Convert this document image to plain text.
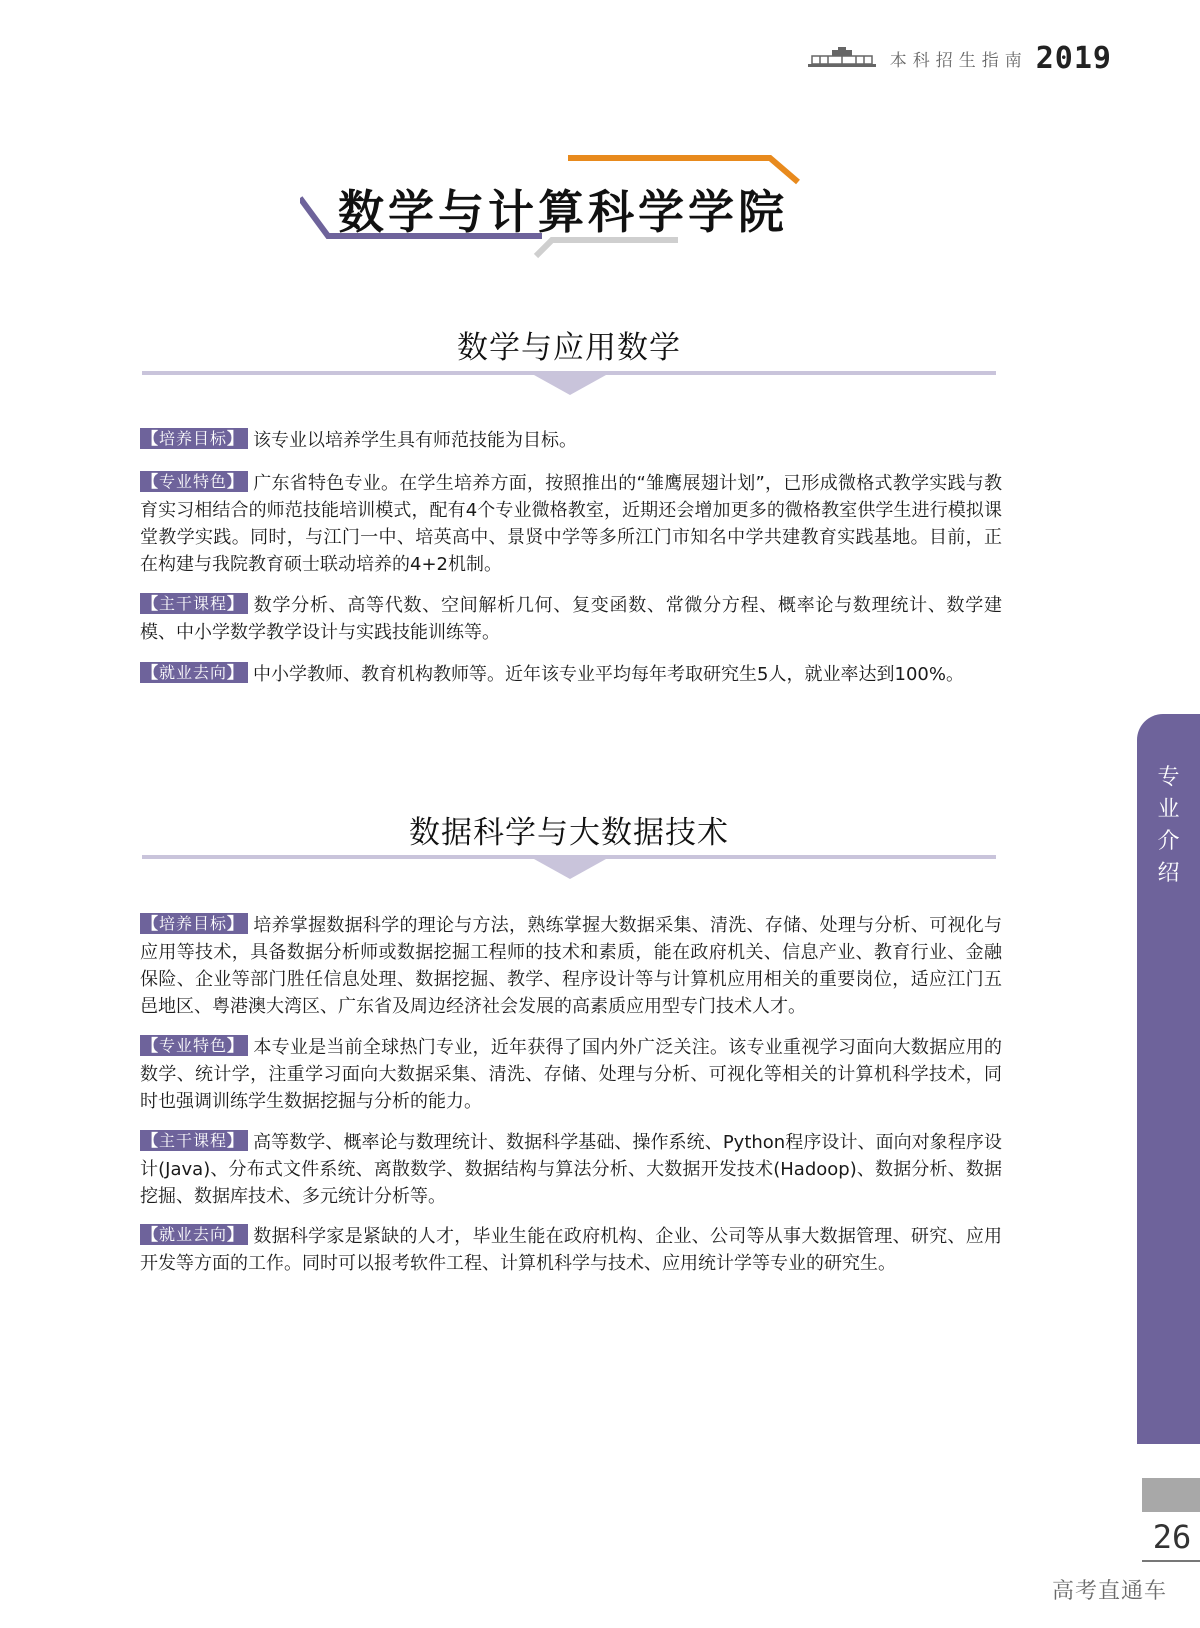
本科招生指南 2019
数学与计算科学学院
数学与应用数学
【培养目标】 该专业以培养学生具有师范技能为目标。
【专业特色】 广东省特色专业。在学生培养方面，按照推出的“雏鹰展翅计划”，已形成微格式教学实践与教育实习相结合的师范技能培训模式，配有4个专业微格教室，近期还会增加更多的微格教室供学生进行模拟课堂教学实践。同时，与江门一中、培英高中、景贤中学等多所江门市知名中学共建教育实践基地。目前，正在构建与我院教育硕士联动培养的4+2机制。
【主干课程】 数学分析、高等代数、空间解析几何、复变函数、常微分方程、概率论与数理统计、数学建模、中小学数学教学设计与实践技能训练等。
【就业去向】 中小学教师、教育机构教师等。近年该专业平均每年考取研究生5人，就业率达到100%。
数据科学与大数据技术
【培养目标】 培养掌握数据科学的理论与方法，熟练掌握大数据采集、清洗、存储、处理与分析、可视化与应用等技术，具备数据分析师或数据挖掘工程师的技术和素质，能在政府机关、信息产业、教育行业、金融保险、企业等部门胜任信息处理、数据挖掘、教学、程序设计等与计算机应用相关的重要岗位，适应江门五邑地区、粤港澳大湾区、广东省及周边经济社会发展的高素质应用型专门技术人才。
【专业特色】 本专业是当前全球热门专业，近年获得了国内外广泛关注。该专业重视学习面向大数据应用的数学、统计学，注重学习面向大数据采集、清洗、存储、处理与分析、可视化等相关的计算机科学技术，同时也强调训练学生数据挖掘与分析的能力。
【主干课程】 高等数学、概率论与数理统计、数据科学基础、操作系统、Python程序设计、面向对象程序设计(Java)、分布式文件系统、离散数学、数据结构与算法分析、大数据开发技术(Hadoop)、数据分析、数据挖掘、数据库技术、多元统计分析等。
【就业去向】 数据科学家是紧缺的人才，毕业生能在政府机构、企业、公司等从事大数据管理、研究、应用开发等方面的工作。同时可以报考软件工程、计算机科学与技术、应用统计学等专业的研究生。
专
业
介
绍
26
高考直通车
